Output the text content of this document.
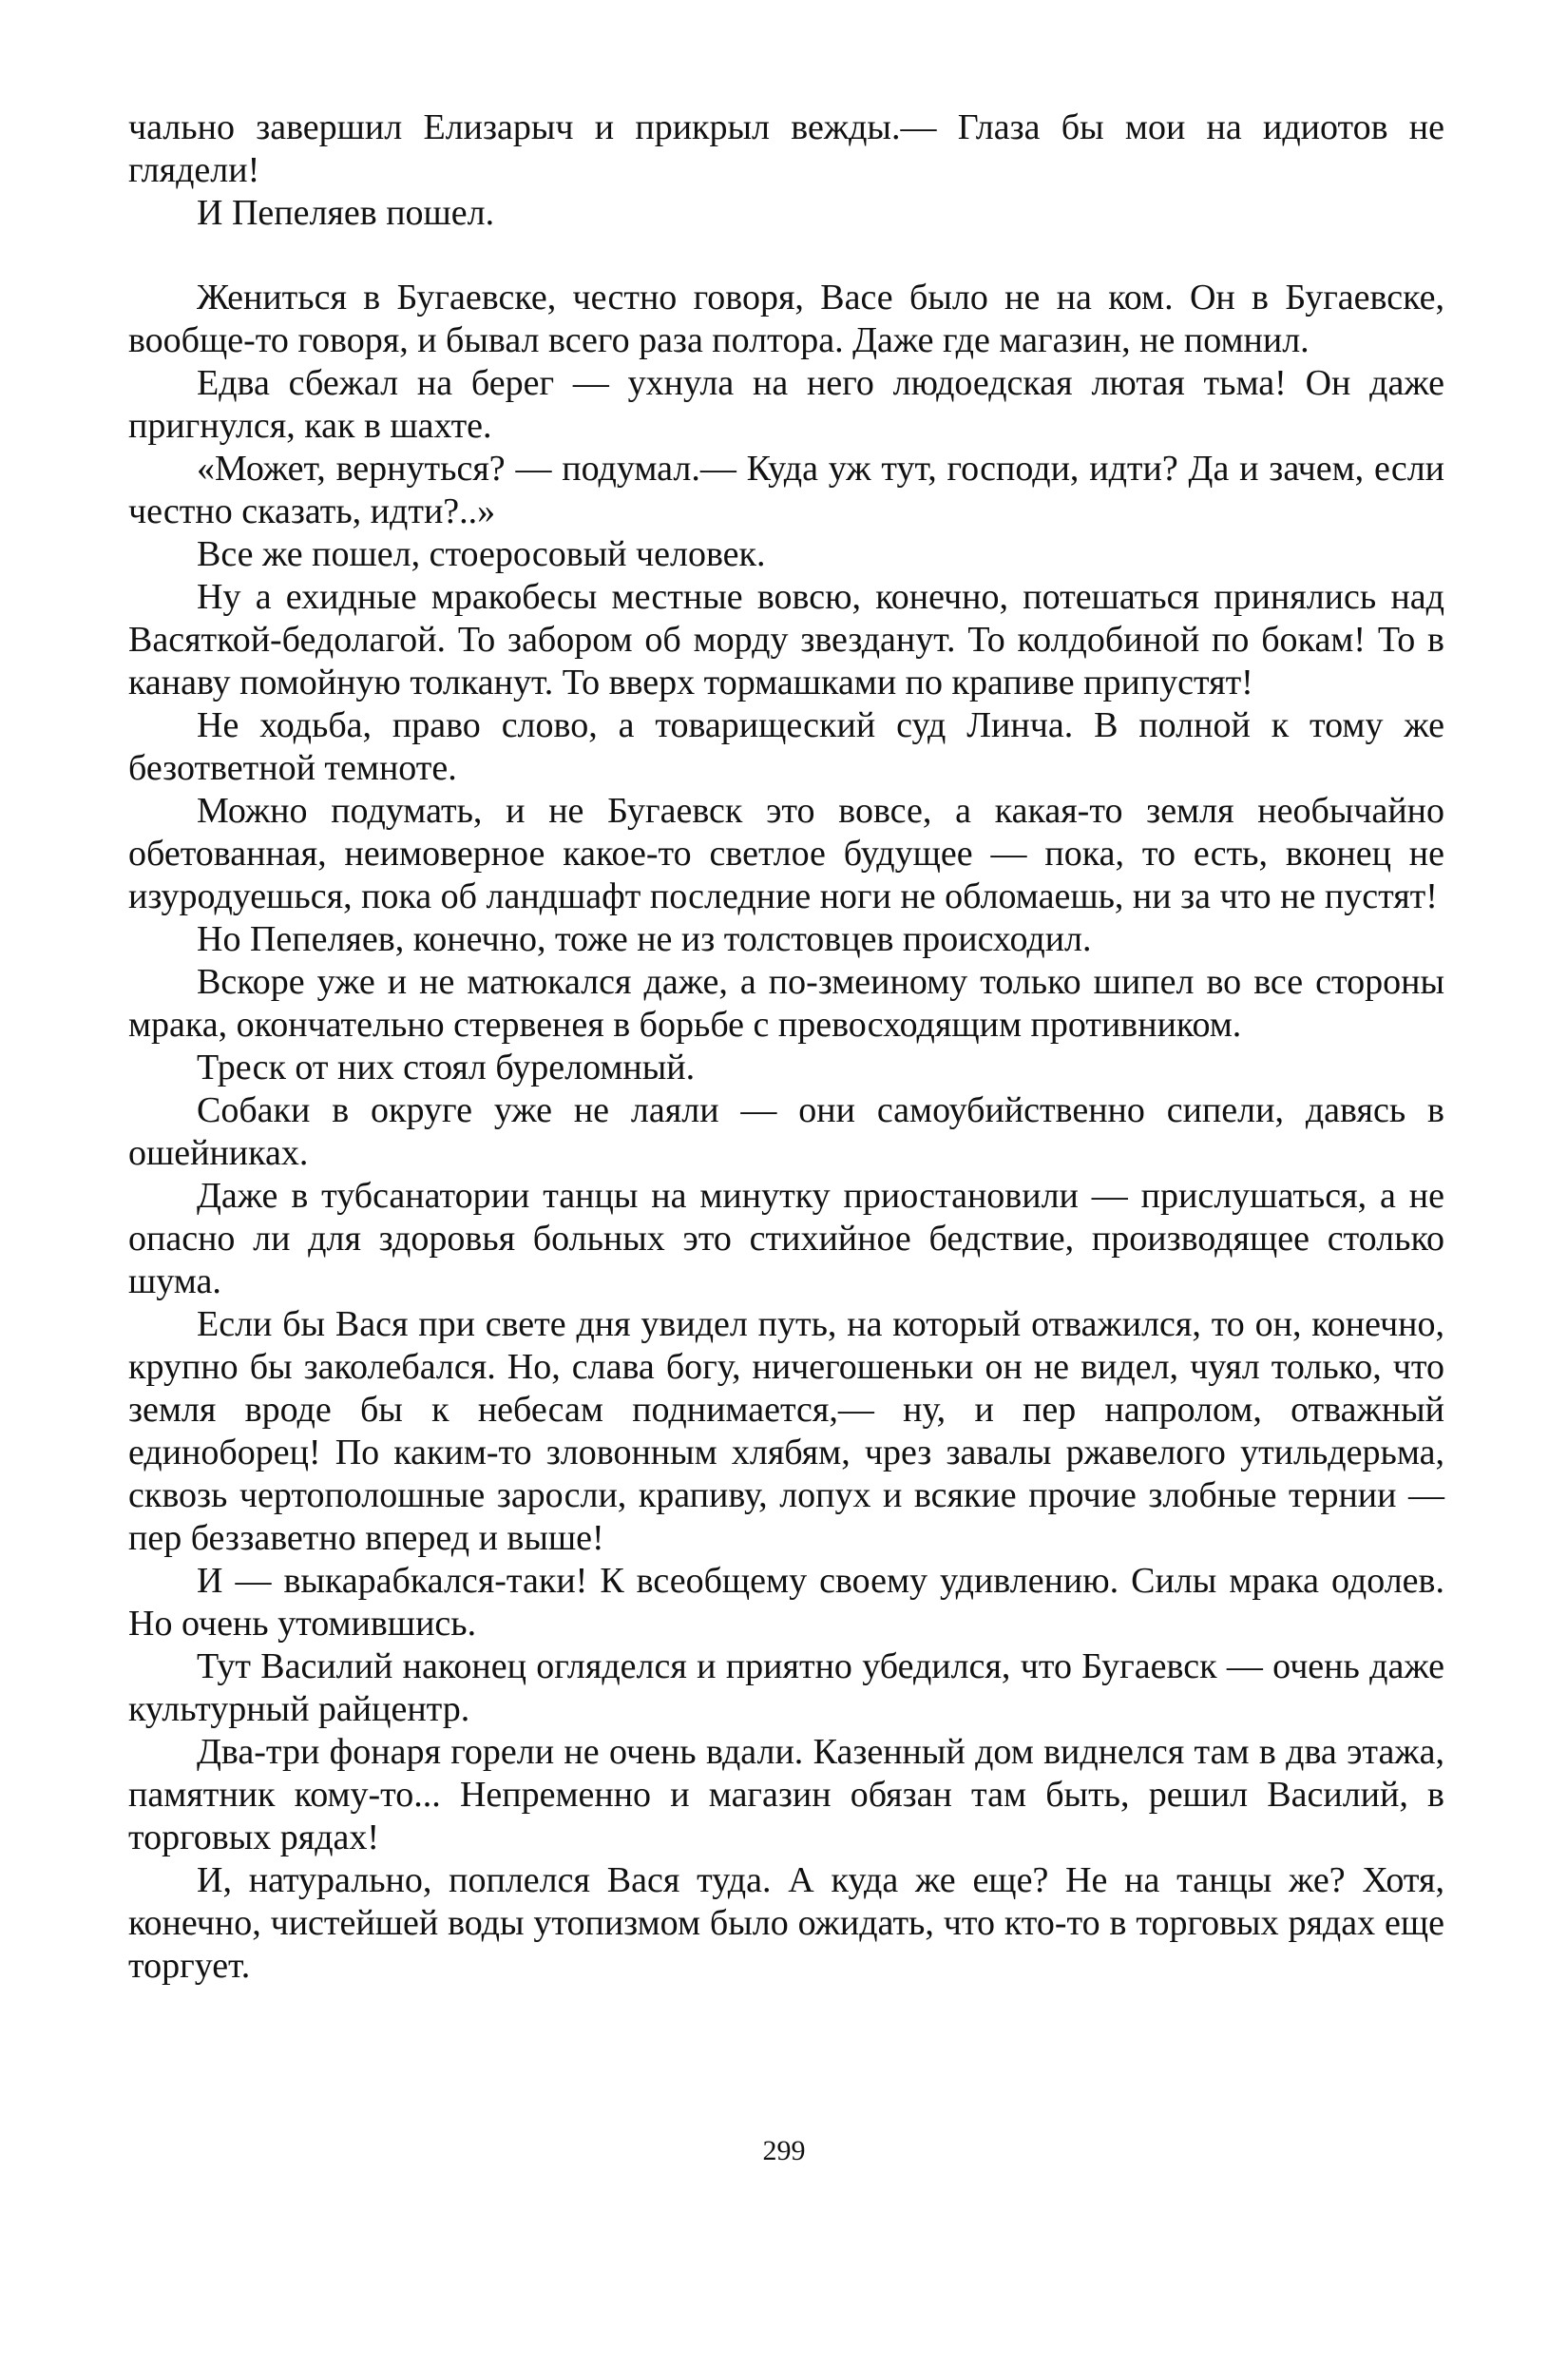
чально завершил Елизарыч и прикрыл вежды.— Глаза бы мои на идиотов не глядели!

И Пепеляев пошел.

Жениться в Бугаевске, честно говоря, Васе было не на ком. Он в Бугаевске, вообще-то говоря, и бывал всего раза полтора. Даже где магазин, не помнил.

Едва сбежал на берег — ухнула на него людоедская лютая тьма! Он даже пригнулся, как в шахте.

«Может, вернуться? — подумал.— Куда уж тут, господи, идти? Да и зачем, если честно сказать, идти?..»

Все же пошел, стоеросовый человек.

Ну а ехидные мракобесы местные вовсю, конечно, потешаться принялись над Васяткой-бедолагой. То забором об морду звезданут. То колдобиной по бокам! То в канаву помойную толканут. То вверх тормашками по крапиве припустят!

Не ходьба, право слово, а товарищеский суд Линча. В полной к тому же безответной темноте.

Можно подумать, и не Бугаевск это вовсе, а какая-то земля необычайно обетованная, неимоверное какое-то светлое будущее — пока, то есть, вконец не изуродуешься, пока об ландшафт последние ноги не обломаешь, ни за что не пустят!

Но Пепеляев, конечно, тоже не из толстовцев происходил.

Вскоре уже и не матюкался даже, а по-змеиному только шипел во все стороны мрака, окончательно стервенея в борьбе с превосходящим противником.

Треск от них стоял буреломный.

Собаки в округе уже не лаяли — они самоубийственно сипели, давясь в ошейниках.

Даже в тубсанатории танцы на минутку приостановили — прислушаться, а не опасно ли для здоровья больных это стихийное бедствие, производящее столько шума.

Если бы Вася при свете дня увидел путь, на который отважился, то он, конечно, крупно бы заколебался. Но, слава богу, ничегошеньки он не видел, чуял только, что земля вроде бы к небесам поднимается,— ну, и пер напролом, отважный единоборец! По каким-то зловонным хлябям, чрез завалы ржавелого утильдерьма, сквозь чертополошные заросли, крапиву, лопух и всякие прочие злобные тернии — пер беззаветно вперед и выше!

И — выкарабкался-таки! К всеобщему своему удивлению. Силы мрака одолев. Но очень утомившись.

Тут Василий наконец огляделся и приятно убедился, что Бугаевск — очень даже культурный райцентр.

Два-три фонаря горели не очень вдали. Казенный дом виднелся там в два этажа, памятник кому-то... Непременно и магазин обязан там быть, решил Василий, в торговых рядах!

И, натурально, поплелся Вася туда. А куда же еще? Не на танцы же? Хотя, конечно, чистейшей воды утопизмом было ожидать, что кто-то в торговых рядах еще торгует.

299
